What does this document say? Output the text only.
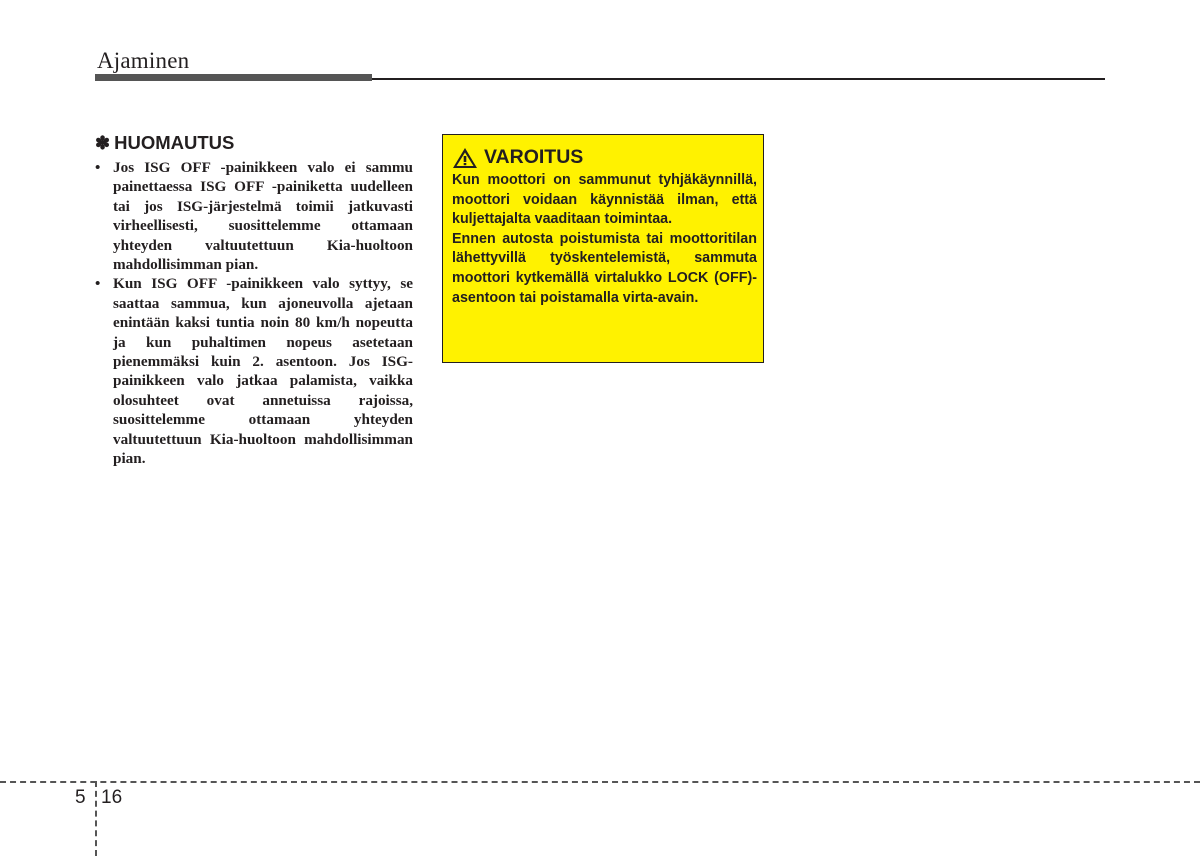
Ajaminen
✽ HUOMAUTUS
• Jos ISG OFF -painikkeen valo ei sammu painettaessa ISG OFF -painiketta uudelleen tai jos ISG-järjestelmä toimii jatkuvasti virheellisesti, suosittelemme ottamaan yhteyden valtuutettuun Kia-huoltoon mahdollisimman pian.
• Kun ISG OFF -painikkeen valo syttyy, se saattaa sammua, kun ajoneuvolla ajetaan enintään kaksi tuntia noin 80 km/h nopeutta ja kun puhaltimen nopeus asetetaan pienemmäksi kuin 2. asentoon. Jos ISG-painikkeen valo jatkaa palamista, vaikka olosuhteet ovat annetuissa rajoissa, suosittelemme ottamaan yhteyden valtuutettuun Kia-huoltoon mahdollisimman pian.
VAROITUS

Kun moottori on sammunut tyhjäkäynnillä, moottori voidaan käynnistää ilman, että kuljettajalta vaaditaan toimintaa.

Ennen autosta poistumista tai moottoritilan lähettyvillä työskentelemistä, sammuta moottori kytkemällä virtalukko LOCK (OFF)-asentoon tai poistamalla virta-avain.

5 16
